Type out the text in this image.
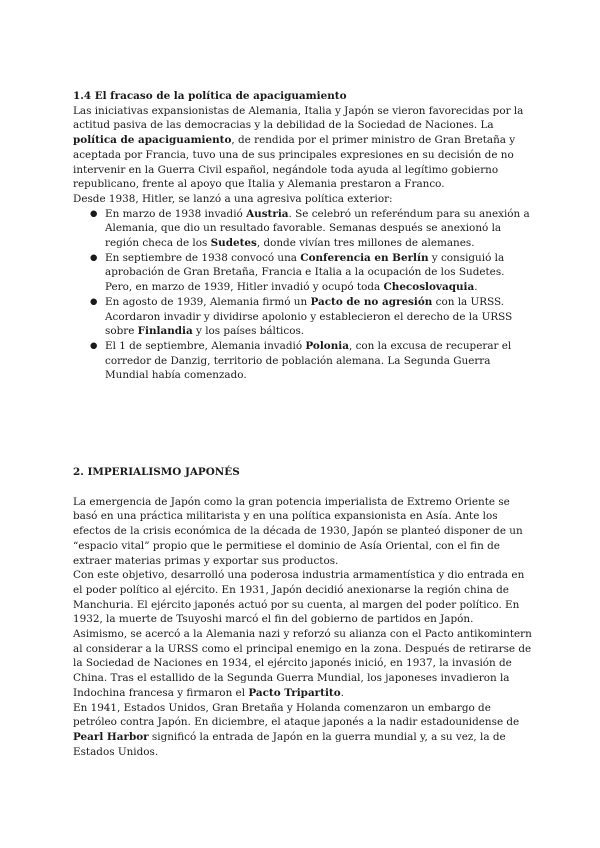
1.4 El fracaso de la política de apaciguamiento

Las iniciativas expansionistas de Alemania, Italia y Japón se vieron favorecidas por la actitud pasiva de las democracias y la debilidad de la Sociedad de Naciones. La política de apaciguamiento, de rendida por el primer ministro de Gran Bretaña y aceptada por Francia, tuvo una de sus principales expresiones en su decisión de no intervenir en la Guerra Civil español, negándole toda ayuda al legítimo gobierno republicano, frente al apoyo que Italia y Alemania prestaron a Franco.

Desde 1938, Hitler, se lanzó a una agresiva política exterior:

● En marzo de 1938 invadió Austria. Se celebró un referéndum para su anexión a Alemania, que dio un resultado favorable. Semanas después se anexionó la región checa de los Sudetes, donde vivían tres millones de alemanes.
● En septiembre de 1938 convocó una Conferencia en Berlín y consiguió la aprobación de Gran Bretaña, Francia e Italia a la ocupación de los Sudetes. Pero, en marzo de 1939, Hitler invadió y ocupó toda Checoslovaquia.
● En agosto de 1939, Alemania firmó un Pacto de no agresión con la URSS. Acordaron invadir y dividirse apolonio y establecieron el derecho de la URSS sobre Finlandia y los países bálticos.
● El 1 de septiembre, Alemania invadió Polonia, con la excusa de recuperar el corredor de Danzig, territorio de población alemana. La Segunda Guerra Mundial había comenzado.

2. IMPERIALISMO JAPONÉS

La emergencia de Japón como la gran potencia imperialista de Extremo Oriente se basó en una práctica militarista y en una política expansionista en Asía. Ante los efectos de la crisis económica de la década de 1930, Japón se planteó disponer de un “espacio vital” propio que le permitiese el dominio de Asía Oriental, con el fin de extraer materias primas y exportar sus productos.

Con este objetivo, desarrolló una poderosa industria armamentística y dio entrada en el poder político al ejército. En 1931, Japón decidió anexionarse la región china de Manchuria. El ejército japonés actuó por su cuenta, al margen del poder político. En 1932, la muerte de Tsuyoshi marcó el fin del gobierno de partidos en Japón.

Asimismo, se acercó a la Alemania nazi y reforzó su alianza con el Pacto antikomintern al considerar a la URSS como el principal enemigo en la zona. Después de retirarse de la Sociedad de Naciones en 1934, el ejército japonés inició, en 1937, la invasión de China. Tras el estallido de la Segunda Guerra Mundial, los japoneses invadieron la Indochina francesa y firmaron el Pacto Tripartito.

En 1941, Estados Unidos, Gran Bretaña y Holanda comenzaron un embargo de petróleo contra Japón. En diciembre, el ataque japonés a la nadir estadounidense de Pearl Harbor significó la entrada de Japón en la guerra mundial y, a su vez, la de Estados Unidos.
